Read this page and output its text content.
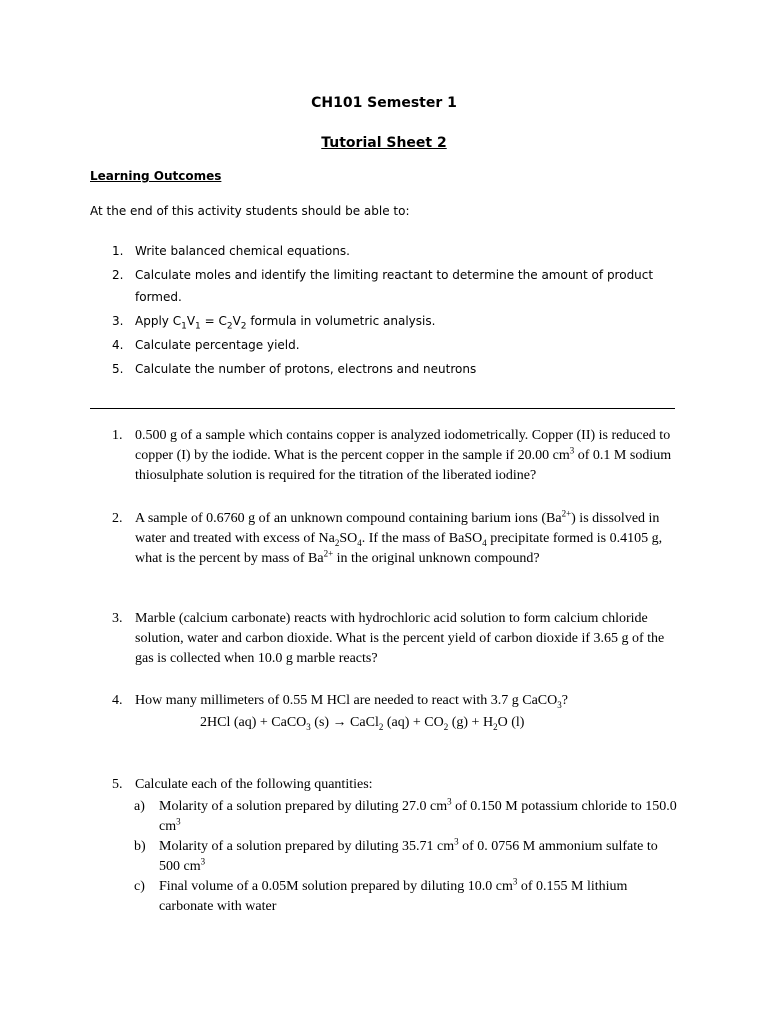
CH101 Semester 1
Tutorial Sheet 2
Learning Outcomes
At the end of this activity students should be able to:
1. Write balanced chemical equations.
2. Calculate moles and identify the limiting reactant to determine the amount of product formed.
3. Apply $C_1V_1 = C_2V_2$ formula in volumetric analysis.
4. Calculate percentage yield.
5. Calculate the number of protons, electrons and neutrons
1. 0.500 g of a sample which contains copper is analyzed iodometrically. Copper (II) is reduced to copper (I) by the iodide. What is the percent copper in the sample if 20.00 $cm^3$ of 0.1 M sodium thiosulphate solution is required for the titration of the liberated iodine?
2. A sample of 0.6760 g of an unknown compound containing barium ions $(Ba^{2+})$ is dissolved in water and treated with excess of $Na_2SO_4$. If the mass of BaSO$_4$ precipitate formed is 0.4105 g, what is the percent by mass of $Ba^{2+}$ in the original unknown compound?
3. Marble (calcium carbonate) reacts with hydrochloric acid solution to form calcium chloride solution, water and carbon dioxide. What is the percent yield of carbon dioxide if 3.65 g of the gas is collected when 10.0 g marble reacts?
4. How many millimeters of 0.55 M HCl are needed to react with 3.7 g CaCO$_3$?
2HCl (aq) + CaCO$_3$ (s) → CaCl$_2$ $(aq) + CO_2$ $(g) + H_2O$ (l)
5. Calculate each of the following quantities:
a) Molarity of a solution prepared by diluting 27.0 $cm^3$ of 0.150 M potassium chloride to 150.0 $cm^3$
b) Molarity of a solution prepared by diluting 35.71 $cm^3$ of 0. 0756 M ammonium sulfate to 500 $cm^3$
c) Final volume of a 0.05M solution prepared by diluting 10.0 $cm^3$ of 0.155 M lithium carbonate with water
